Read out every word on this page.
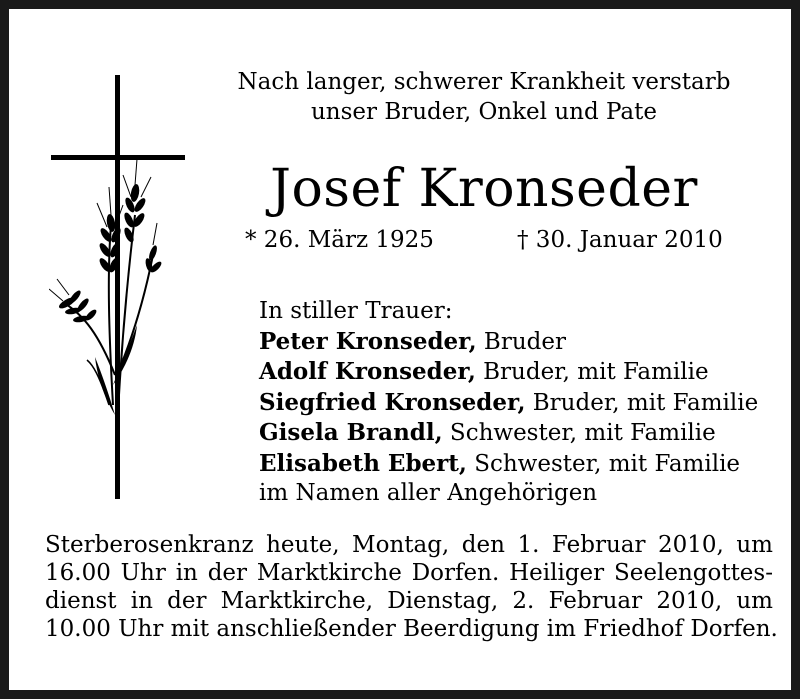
Nach langer, schwerer Krankheit verstarb
unser Bruder, Onkel und Pate
Josef Kronseder
* 26. März 1925	† 30. Januar 2010
In stiller Trauer:
Peter Kronseder, Bruder
Adolf Kronseder, Bruder, mit Familie
Siegfried Kronseder, Bruder, mit Familie
Gisela Brandl, Schwester, mit Familie
Elisabeth Ebert, Schwester, mit Familie
im Namen aller Angehörigen
Sterberosenkranz heute, Montag, den 1. Februar 2010, um
16.00 Uhr in der Marktkirche Dorfen. Heiliger Seelengottes-
dienst in der Marktkirche, Dienstag, 2. Februar 2010, um
10.00 Uhr mit anschließender Beerdigung im Friedhof Dorfen.
